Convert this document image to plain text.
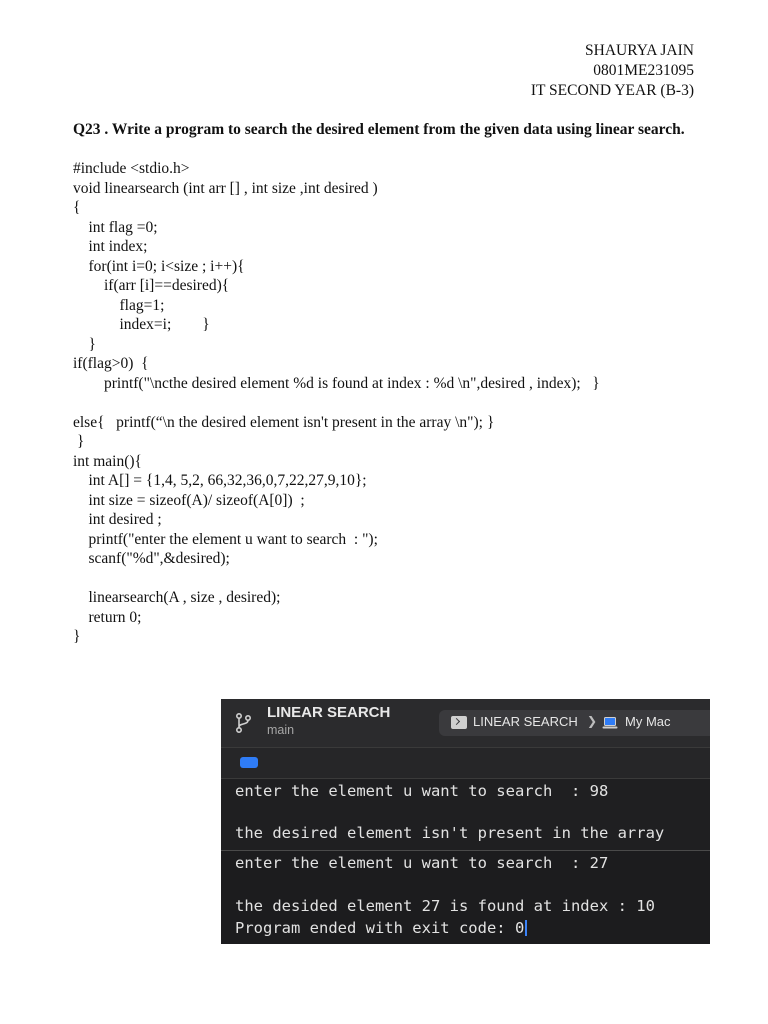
SHAURYA JAIN
0801ME231095
IT SECOND YEAR (B-3)
Q23 . Write a program to search the desired element from the given data using linear search.
#include <stdio.h>
void linearsearch (int arr [] , int size ,int desired )
{
int flag =0;
int index;
for(int i=0; i<size ; i++){
if(arr [i]==desired){
flag=1;
index=i;        }
}
if(flag>0)  {
printf("\ncthe desired element %d is found at index : %d \n",desired , index);   }
else{   printf(“\n the desired element isn't present in the array \n"); }
}
int main(){
int A[] = {1,4, 5,2, 66,32,36,0,7,22,27,9,10};
int size = sizeof(A)/ sizeof(A[0])  ;
int desired ;
printf("enter the element u want to search  : ");
scanf("%d",&desired);
linearsearch(A , size , desired);
return 0;
}
LINEAR SEARCH
main
LINEAR SEARCH ❯ My Mac
enter the element u want to search  : 98
the desired element isn't present in the array
enter the element u want to search  : 27
the desided element 27 is found at index : 10
Program ended with exit code: 0
